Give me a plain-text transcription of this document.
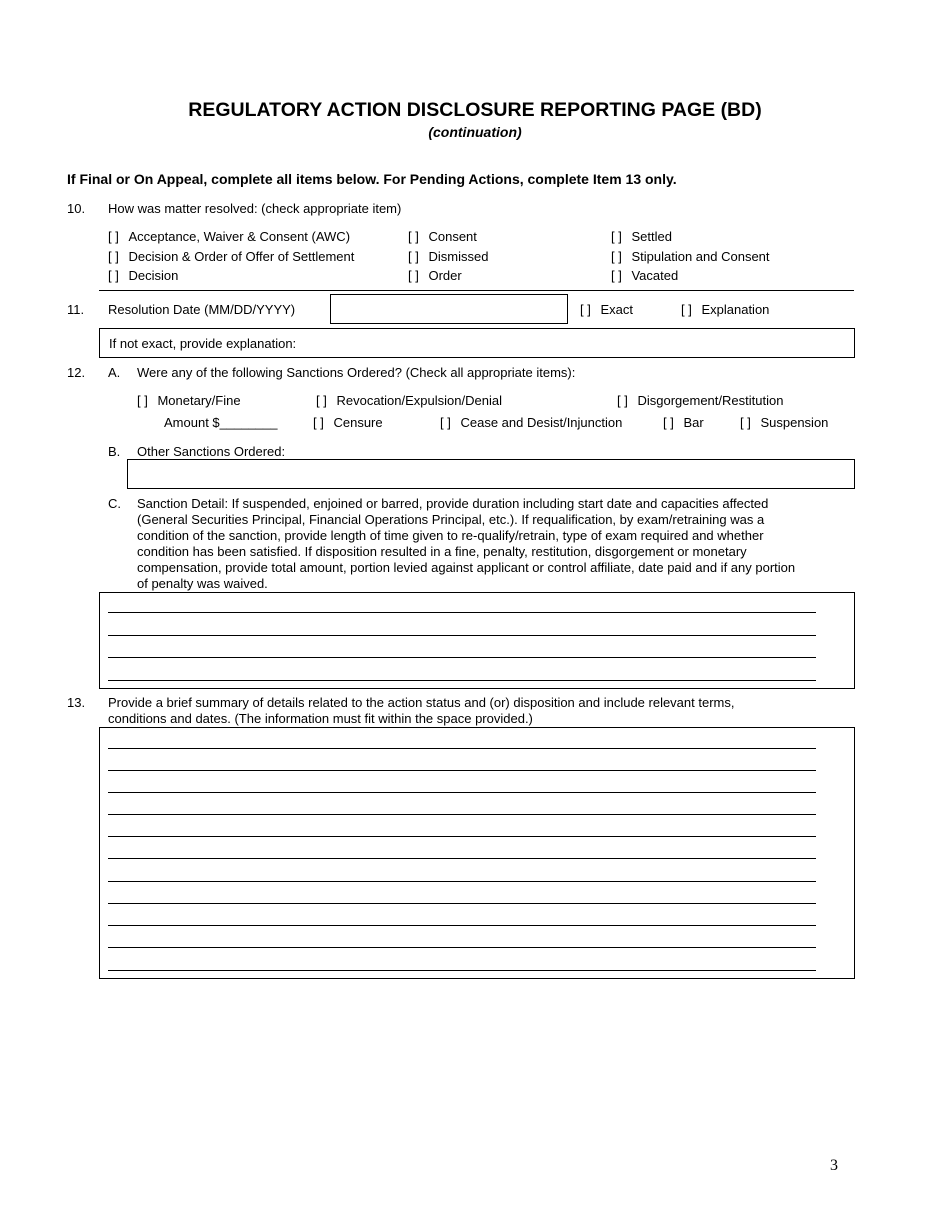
REGULATORY ACTION DISCLOSURE REPORTING PAGE (BD)
(continuation)
If Final or On Appeal, complete all items below. For Pending Actions, complete Item 13 only.
10. How was matter resolved: (check appropriate item)
[ ] Acceptance, Waiver & Consent (AWC)	[ ] Consent	[ ] Settled
[ ] Decision & Order of Offer of Settlement	[ ] Dismissed	[ ] Stipulation and Consent
[ ] Decision	[ ] Order	[ ] Vacated
11. Resolution Date (MM/DD/YYYY)	[ ] Exact	[ ] Explanation
If not exact, provide explanation:
12. A. Were any of the following Sanctions Ordered? (Check all appropriate items):
[ ] Monetary/Fine	[ ] Revocation/Expulsion/Denial	[ ] Disgorgement/Restitution
Amount $________	[ ] Censure	[ ] Cease and Desist/Injunction	[ ] Bar	[ ] Suspension
B. Other Sanctions Ordered:
C. Sanction Detail: If suspended, enjoined or barred, provide duration including start date and capacities affected
(General Securities Principal, Financial Operations Principal, etc.). If requalification, by exam/retraining was a
condition of the sanction, provide length of time given to re-qualify/retrain, type of exam required and whether
condition has been satisfied. If disposition resulted in a fine, penalty, restitution, disgorgement or monetary
compensation, provide total amount, portion levied against applicant or control affiliate, date paid and if any portion
of penalty was waived.
13. Provide a brief summary of details related to the action status and (or) disposition and include relevant terms,
conditions and dates. (The information must fit within the space provided.)
3
